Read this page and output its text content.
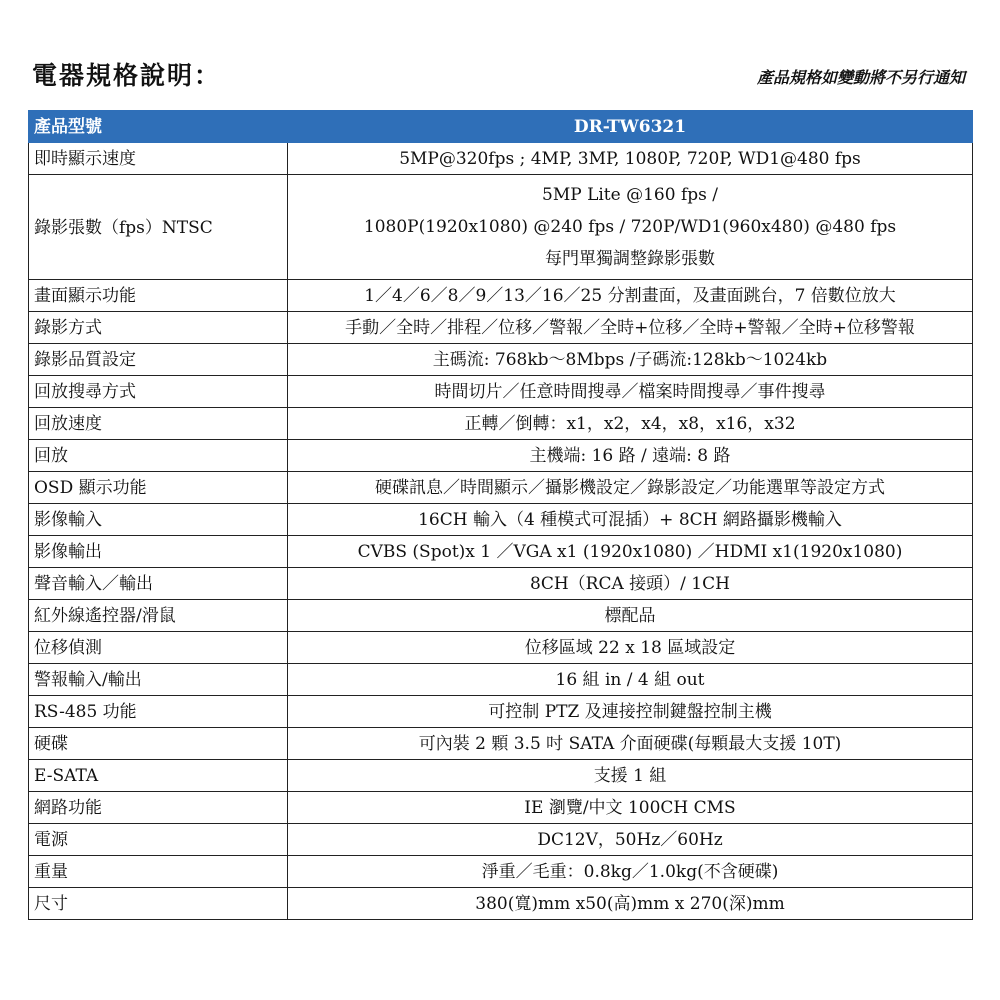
電器規格說明：	產品規格如變動將不另行通知
產品型號	DR-TW6321
即時顯示速度	5MP@320fps ; 4MP, 3MP, 1080P, 720P, WD1@480 fps

錄影張數（fps）NTSC	5MP Lite @160 fps /
1080P(1920x1080) @240 fps / 720P/WD1(960x480) @480 fps
每門單獨調整錄影張數

畫面顯示功能	1／4／6／8／9／13／16／25 分割畫面，及畫面跳台，7 倍數位放大

錄影方式	手動／全時／排程／位移／警報／全時+位移／全時+警報／全時+位移警報

錄影品質設定	主碼流: 768kb～8Mbps /子碼流:128kb～1024kb

回放搜尋方式	時間切片／任意時間搜尋／檔案時間搜尋／事件搜尋

回放速度	正轉／倒轉：x1，x2，x4，x8，x16，x32

回放	主機端: 16 路 / 遠端: 8 路

OSD 顯示功能	硬碟訊息／時間顯示／攝影機設定／錄影設定／功能選單等設定方式

影像輸入	16CH 輸入（4 種模式可混插）+ 8CH 網路攝影機輸入

影像輸出	CVBS (Spot)x 1 ／VGA x1 (1920x1080) ／HDMI x1(1920x1080)

聲音輸入／輸出	8CH（RCA 接頭）/ 1CH

紅外線遙控器/滑鼠	標配品

位移偵測	位移區域 22 x 18 區域設定

警報輸入/輸出	16 組 in / 4 組 out

RS-485 功能	可控制 PTZ 及連接控制鍵盤控制主機

硬碟	可內裝 2 顆 3.5 吋 SATA 介面硬碟(每顆最大支援 10T)

E-SATA	支援 1 組

網路功能	IE 瀏覽/中文 100CH CMS

電源	DC12V，50Hz／60Hz

重量	淨重／毛重：0.8kg／1.0kg(不含硬碟)

尺寸	380(寬)mm x50(高)mm x 270(深)mm
